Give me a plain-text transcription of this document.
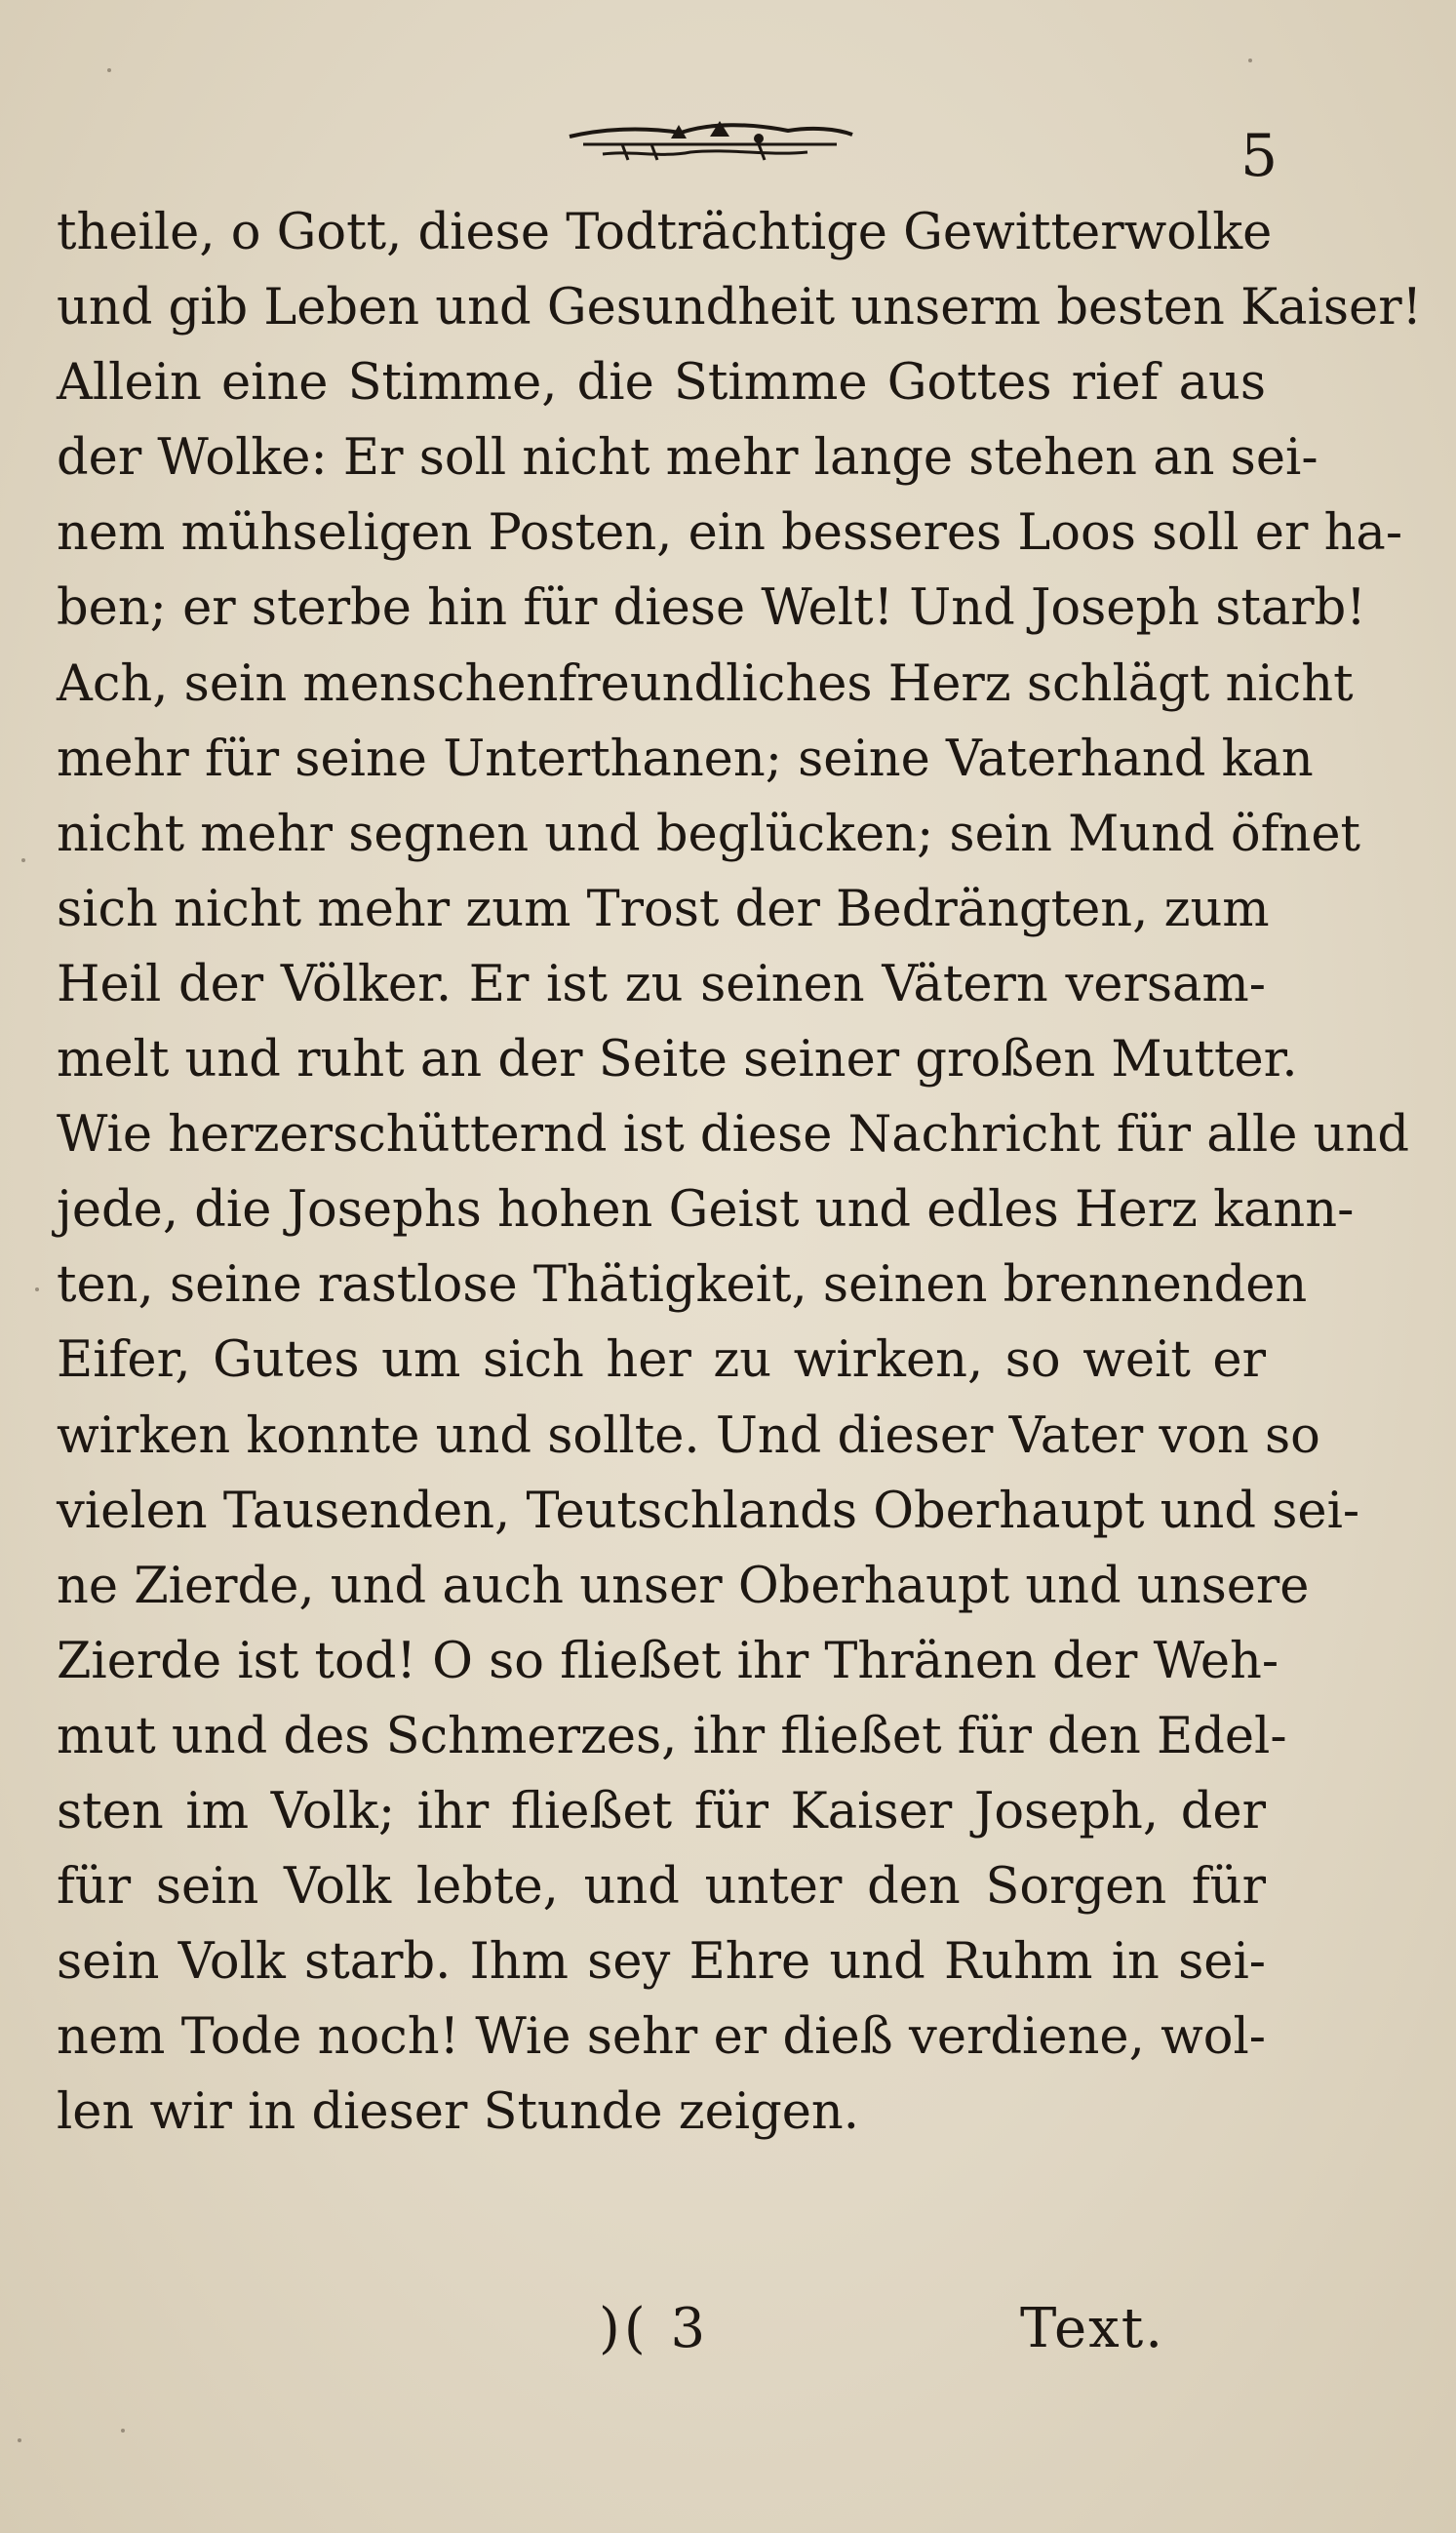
5
theile, o Gott, diese Todträchtige Gewitterwolke
und gib Leben und Gesundheit unserm besten Kaiser!
Allein eine Stimme, die Stimme Gottes rief aus
der Wolke: Er soll nicht mehr lange stehen an sei-
nem mühseligen Posten, ein besseres Loos soll er ha-
ben; er sterbe hin für diese Welt! Und Joseph starb!
Ach, sein menschenfreundliches Herz schlägt nicht
mehr für seine Unterthanen; seine Vaterhand kan
nicht mehr segnen und beglücken; sein Mund öfnet
sich nicht mehr zum Trost der Bedrängten, zum
Heil der Völker. Er ist zu seinen Vätern versam-
melt und ruht an der Seite seiner großen Mutter.
Wie herzerschütternd ist diese Nachricht für alle und
jede, die Josephs hohen Geist und edles Herz kann-
ten, seine rastlose Thätigkeit, seinen brennenden
Eifer, Gutes um sich her zu wirken, so weit er
wirken konnte und sollte. Und dieser Vater von so
vielen Tausenden, Teutschlands Oberhaupt und sei-
ne Zierde, und auch unser Oberhaupt und unsere
Zierde ist tod! O so fließet ihr Thränen der Weh-
mut und des Schmerzes, ihr fließet für den Edel-
sten im Volk; ihr fließet für Kaiser Joseph, der
für sein Volk lebte, und unter den Sorgen für
sein Volk starb. Ihm sey Ehre und Ruhm in sei-
nem Tode noch! Wie sehr er dieß verdiene, wol-
len wir in dieser Stunde zeigen.
)( 3	Text.
